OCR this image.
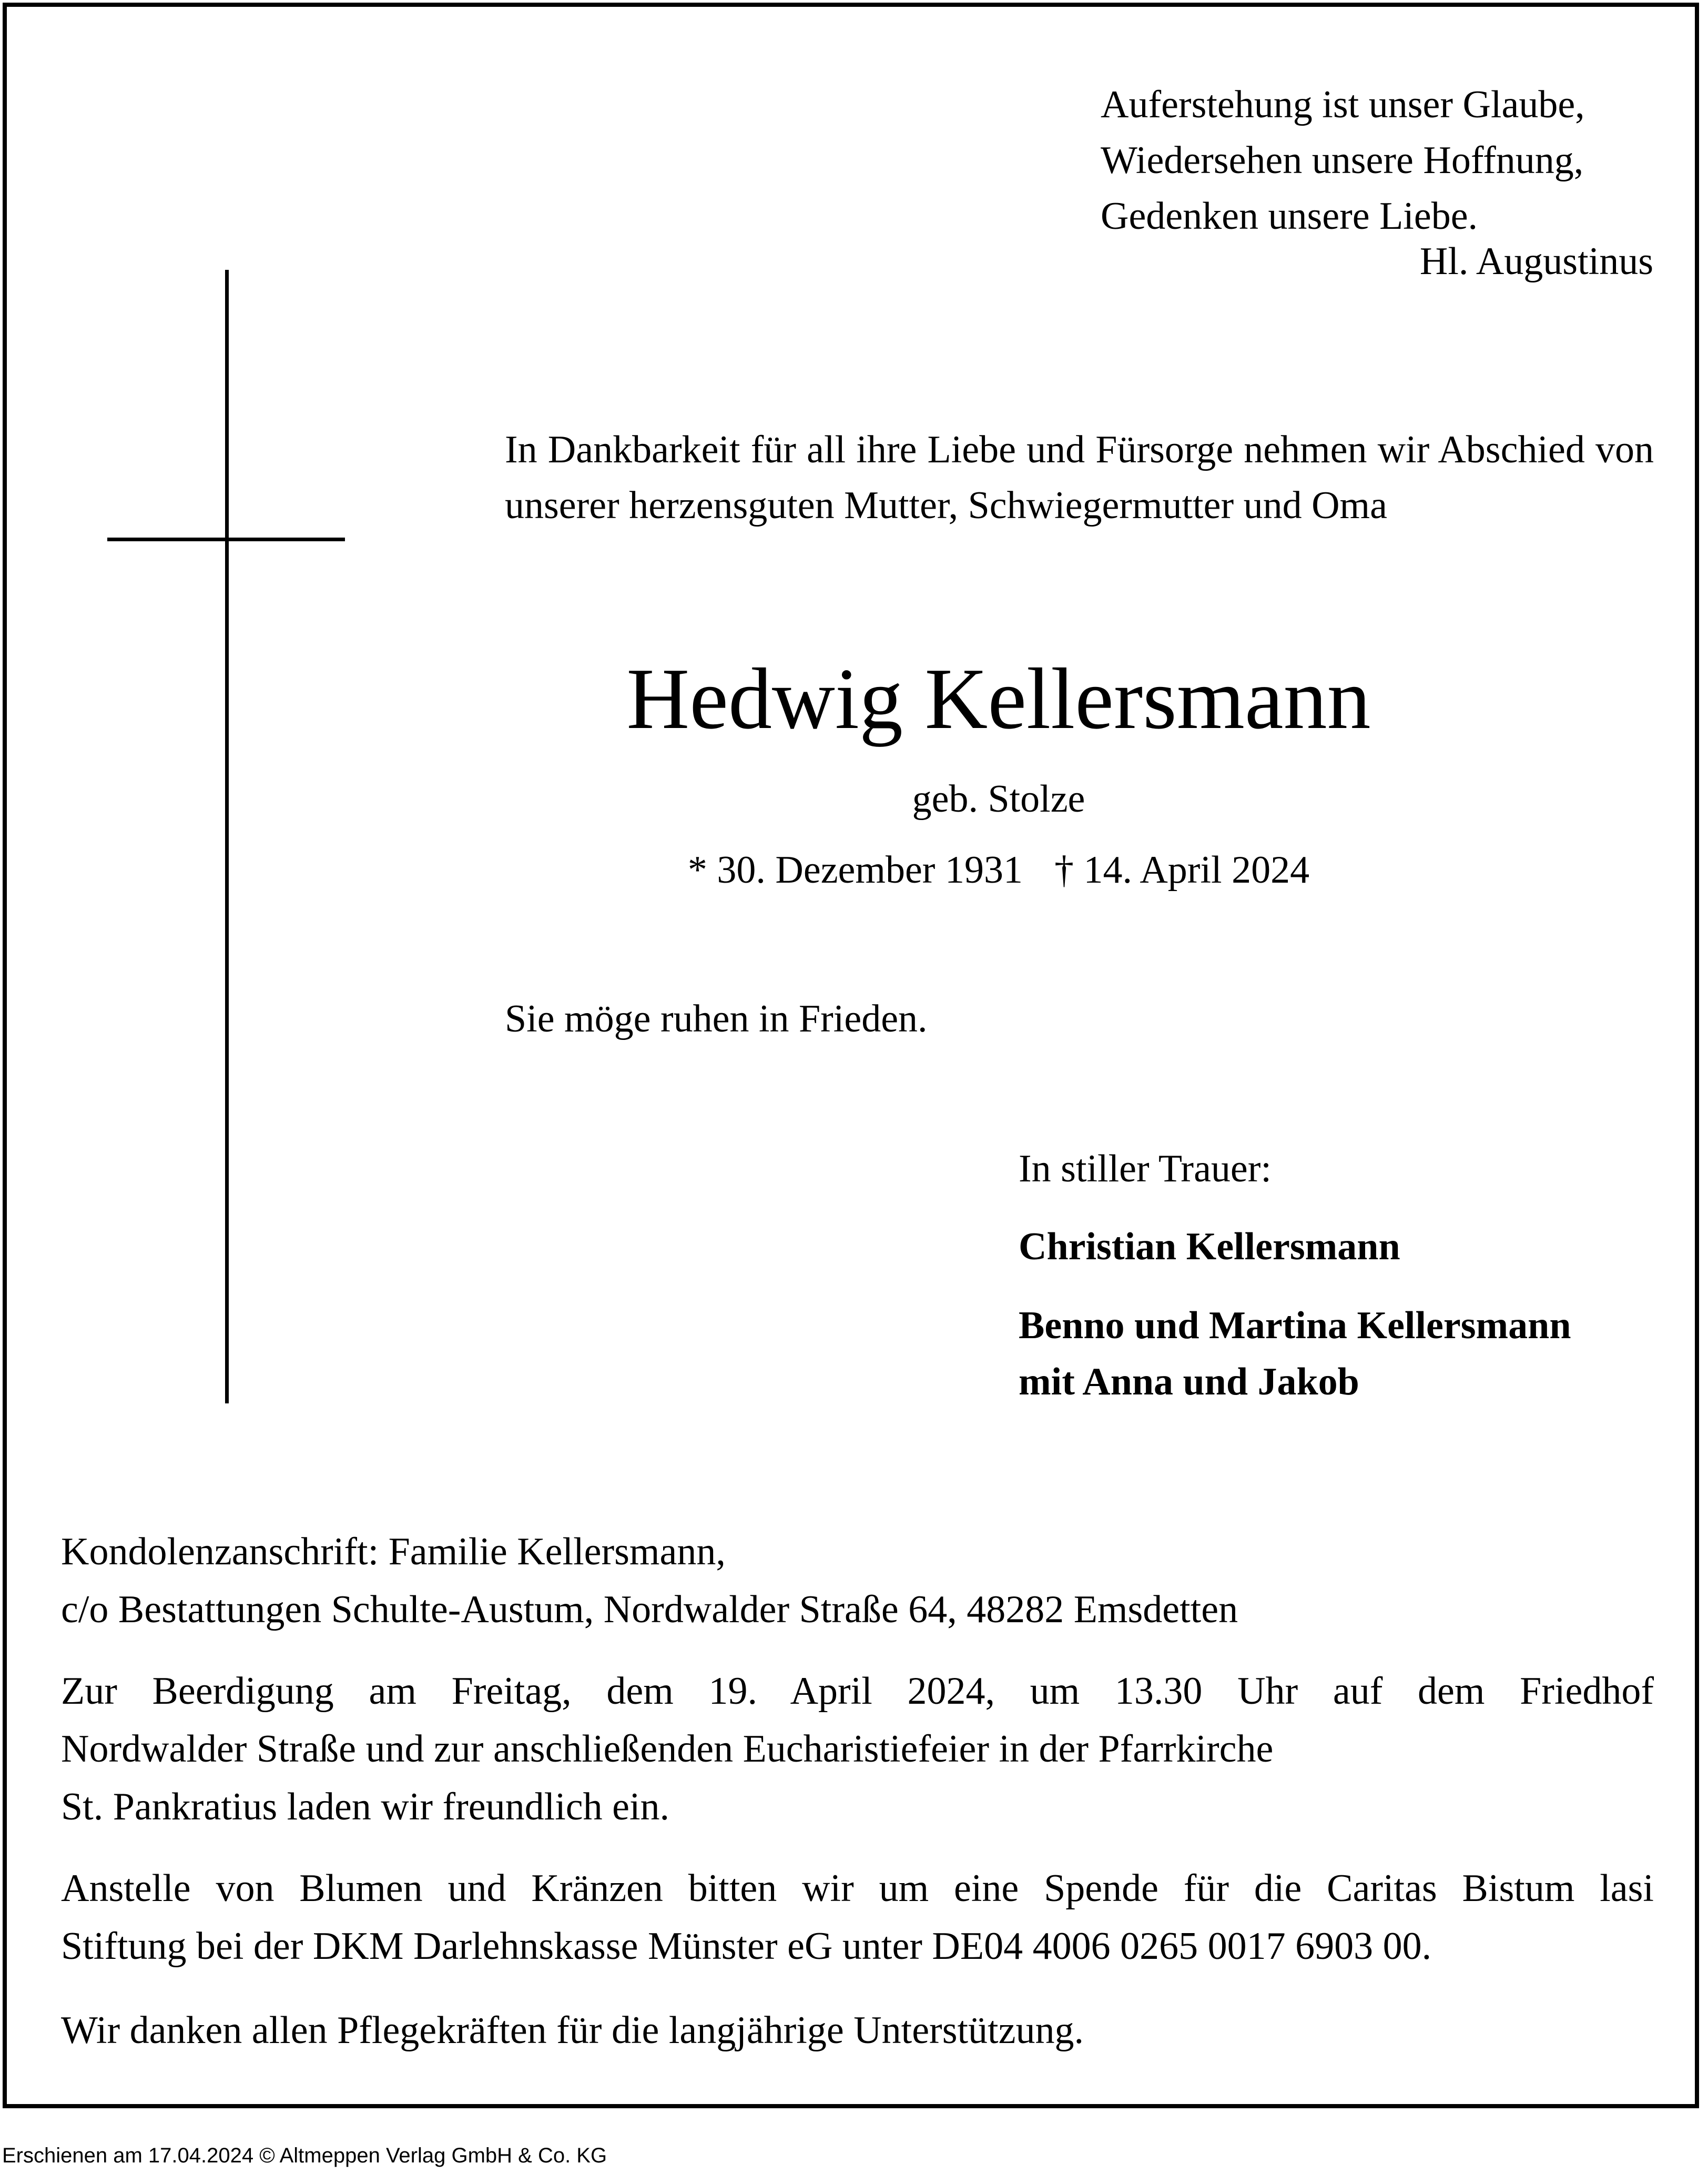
Auferstehung ist unser Glaube,
Wiedersehen unsere Hoffnung,
Gedenken unsere Liebe.
Hl. Augustinus

In Dankbarkeit für all ihre Liebe und Fürsorge nehmen wir Abschied von unserer herzensguten Mutter, Schwiegermutter und Oma

Hedwig Kellersmann
geb. Stolze
* 30. Dezember 1931 † 14. April 2024
Sie möge ruhen in Frieden.
In stiller Trauer:
Christian Kellersmann
Benno und Martina Kellersmann
mit Anna und Jakob
Kondolenzanschrift: Familie Kellersmann,
c/o Bestattungen Schulte-Austum, Nordwalder Straße 64, 48282 Emsdetten
Zur Beerdigung am Freitag, dem 19. April 2024, um 13.30 Uhr auf dem Friedhof
Nordwalder Straße und zur anschließenden Eucharistiefeier in der Pfarrkirche
St. Pankratius laden wir freundlich ein.
Anstelle von Blumen und Kränzen bitten wir um eine Spende für die Caritas Bistum lasi
Stiftung bei der DKM Darlehnskasse Münster eG unter DE04 4006 0265 0017 6903 00.
Wir danken allen Pflegekräften für die langjährige Unterstützung.
Erschienen am 17.04.2024 © Altmeppen Verlag GmbH & Co. KG
